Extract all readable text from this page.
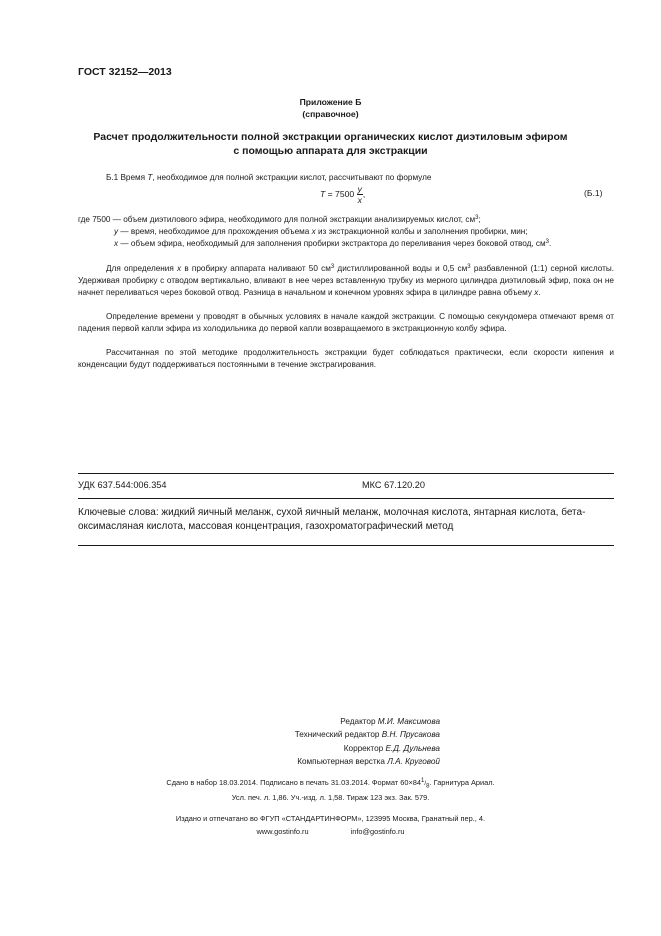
ГОСТ 32152—2013
Приложение Б
(справочное)
Расчет продолжительности полной экстракции органических кислот диэтиловым эфиром
с помощью аппарата для экстракции
Б.1 Время T, необходимое для полной экстракции кислот, рассчитывают по формуле
$T = 7500 \frac{y}{x}$ ,	(Б.1)
где 7500 — объем диэтилового эфира, необходимого для полной экстракции анализируемых кислот, $см^3$;
y — время, необходимое для прохождения объема x из экстракционной колбы и заполнения пробирки, мин;
x — объем эфира, необходимый для заполнения пробирки экстрактора до переливания через боковой отвод, $см^3$.
Для определения x в пробирку аппарата наливают 50 $см^3$ дистиллированной воды и 0,5 $см^3$ разбавленной (1:1) серной кислоты. Удерживая пробирку с отводом вертикально, вливают в нее через вставленную трубку из мерного цилиндра диэтиловый эфир, пока он не начнет переливаться через боковой отвод. Разница в начальном и конечном уровнях эфира в цилиндре равна объему x.
Определение времени у проводят в обычных условиях в начале каждой экстракции. С помощью секундомера отмечают время от падения первой капли эфира из холодильника до первой капли возвращаемого в экстракционную колбу эфира.
Рассчитанная по этой методике продолжительность экстракции будет соблюдаться практически, если скорости кипения и конденсации будут поддерживаться постоянными в течение экстрагирования.
УДК 637.544:006.354	МКС 67.120.20
Ключевые слова: жидкий яичный меланж, сухой яичный меланж, молочная кислота, янтарная кислота, бета-оксимасляная кислота, массовая концентрация, газохроматографический метод
Редактор М.И. Максимова
Технический редактор В.Н. Прусакова
Корректор Е.Д. Дульнева
Компьютерная верстка Л.А. Круговой
Сдано в набор 18.03.2014. Подписано в печать 31.03.2014. Формат $60\times 84^1/_8$. Гарнитура Ариал.
Усл. печ. л. 1,86. Уч.-изд. л. 1,58. Тираж 123 экз. Зак. 579.
Издано и отпечатано во ФГУП «СТАНДАРТИНФОРМ», 123995 Москва, Гранатный пер., 4.
www.gostinfo.ru	info@gostinfo.ru
